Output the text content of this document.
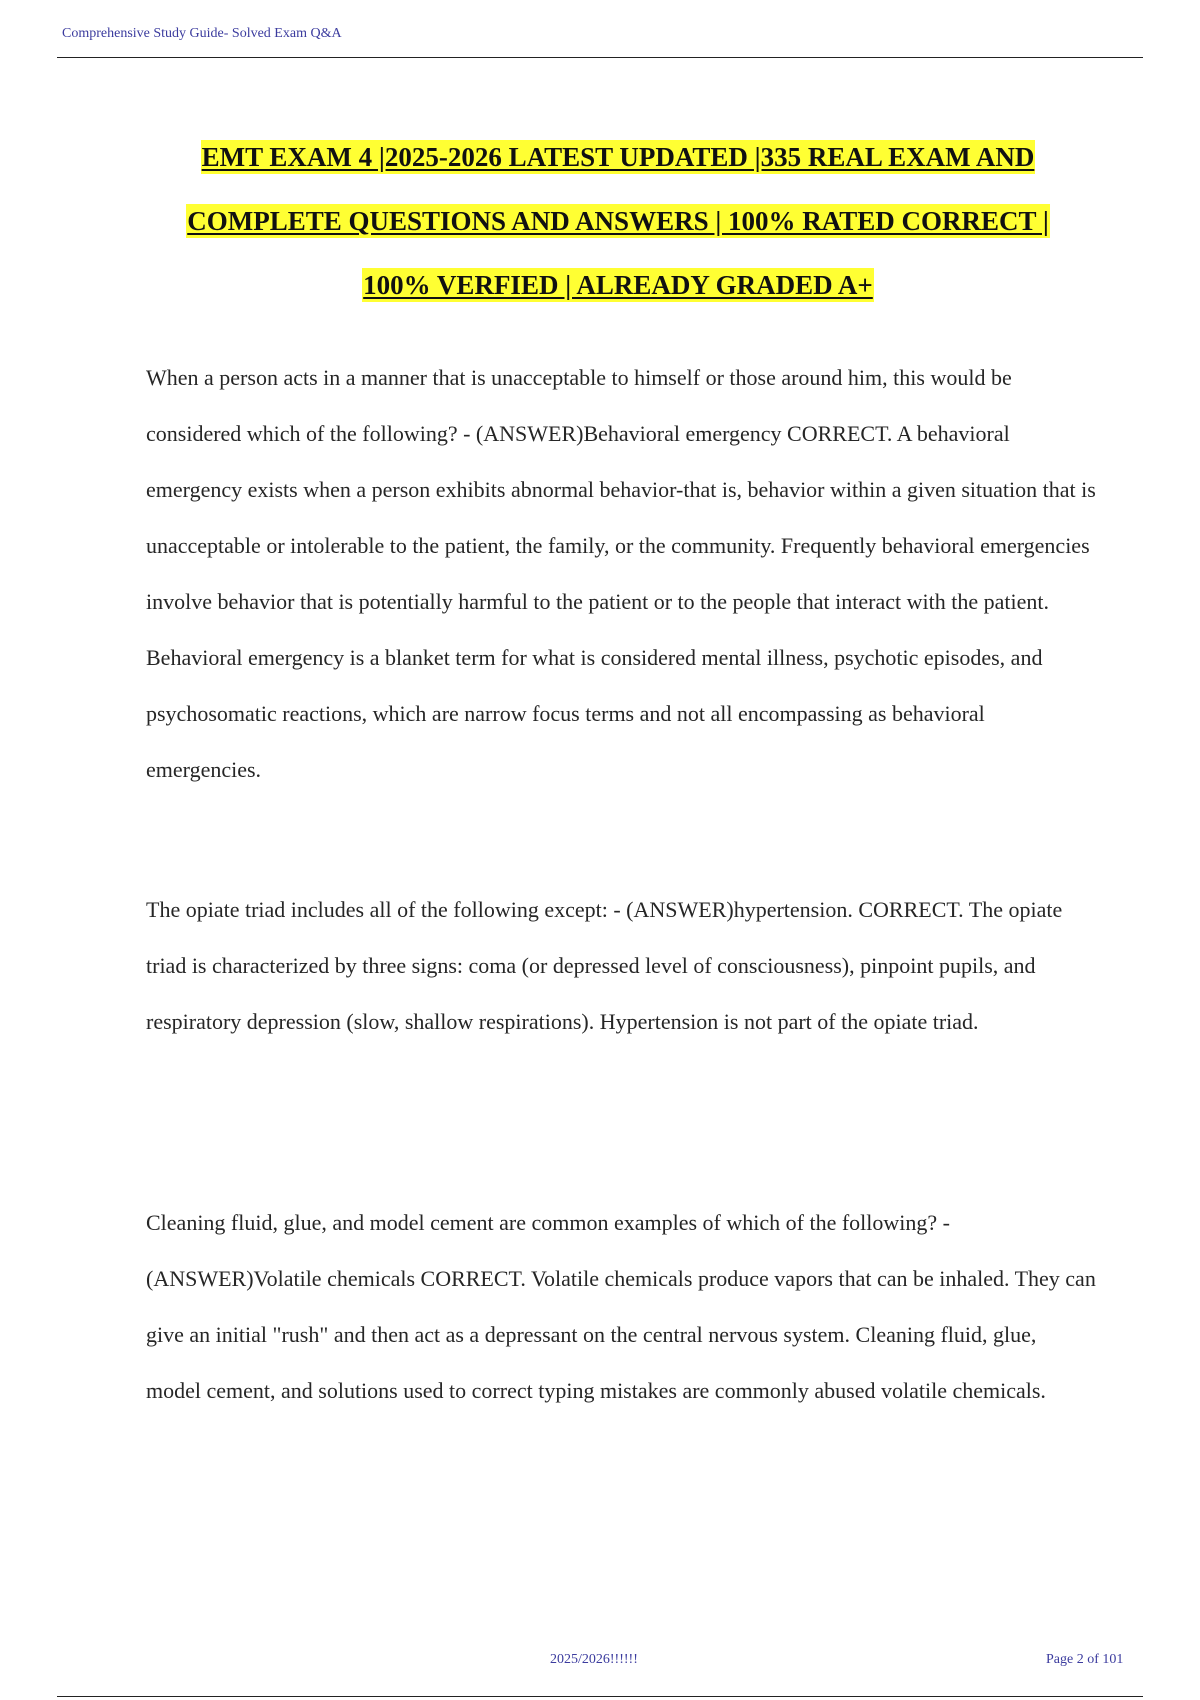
Comprehensive Study Guide- Solved Exam Q&A
EMT EXAM 4 |2025-2026 LATEST UPDATED |335 REAL EXAM AND
COMPLETE QUESTIONS AND ANSWERS | 100% RATED CORRECT |
100% VERFIED | ALREADY GRADED A+

When a person acts in a manner that is unacceptable to himself or those around him, this would be considered which of the following? - (ANSWER)Behavioral emergency CORRECT. A behavioral emergency exists when a person exhibits abnormal behavior-that is, behavior within a given situation that is unacceptable or intolerable to the patient, the family, or the community. Frequently behavioral emergencies involve behavior that is potentially harmful to the patient or to the people that interact with the patient. Behavioral emergency is a blanket term for what is considered mental illness, psychotic episodes, and psychosomatic reactions, which are narrow focus terms and not all encompassing as behavioral emergencies.

The opiate triad includes all of the following except: - (ANSWER)hypertension. CORRECT. The opiate triad is characterized by three signs: coma (or depressed level of consciousness), pinpoint pupils, and respiratory depression (slow, shallow respirations). Hypertension is not part of the opiate triad.

Cleaning fluid, glue, and model cement are common examples of which of the following? - (ANSWER)Volatile chemicals CORRECT. Volatile chemicals produce vapors that can be inhaled. They can give an initial "rush" and then act as a depressant on the central nervous system. Cleaning fluid, glue, model cement, and solutions used to correct typing mistakes are commonly abused volatile chemicals.

2025/2026!!!!!!	Page 2 of 101
